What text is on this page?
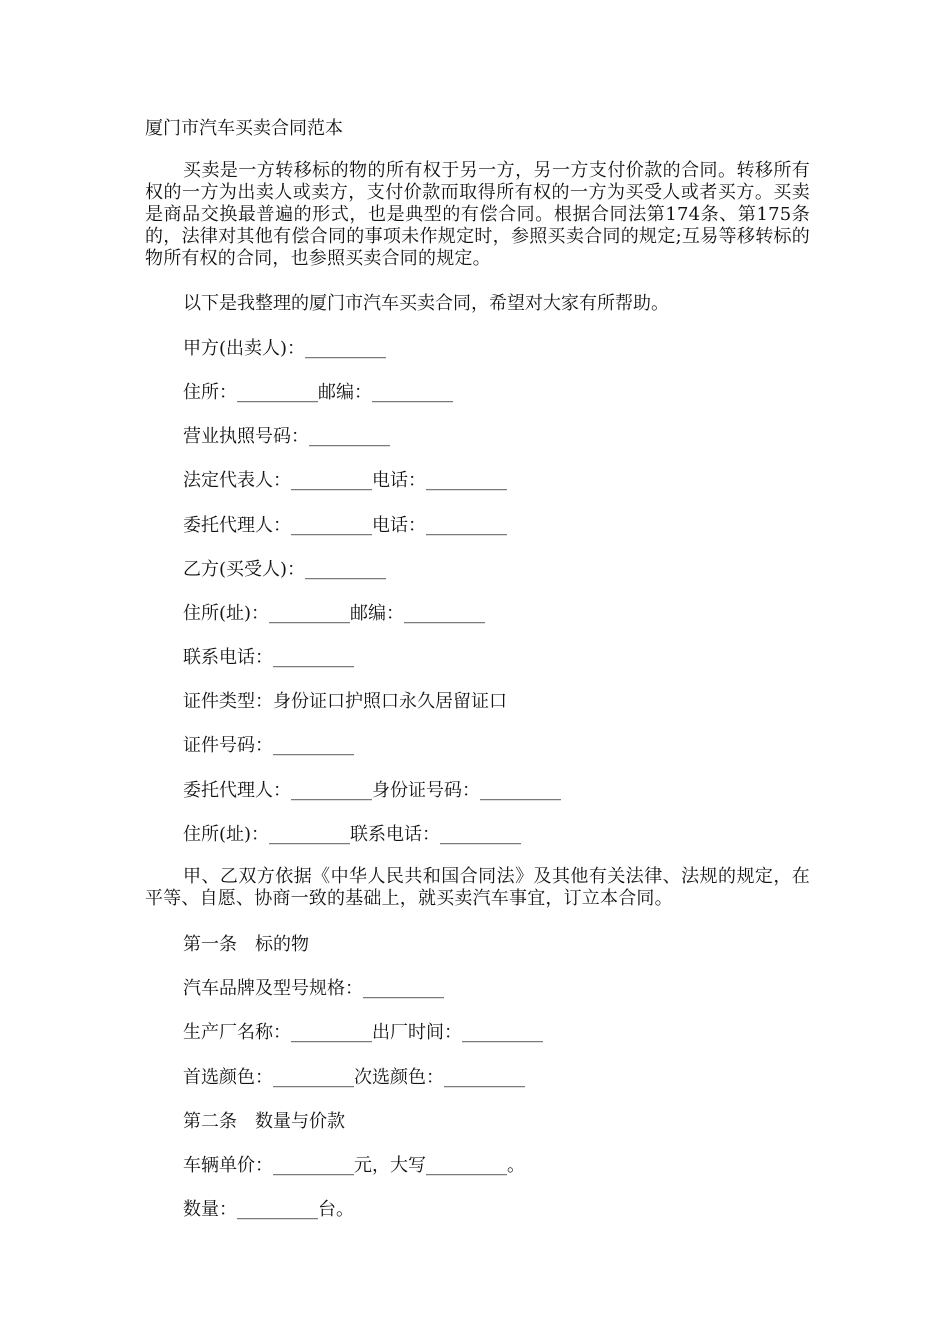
厦门市汽车买卖合同范本
买卖是一方转移标的物的所有权于另一方，另一方支付价款的合同。转移所有权的一方为出卖人或卖方，支付价款而取得所有权的一方为买受人或者买方。买卖是商品交换最普遍的形式，也是典型的有偿合同。根据合同法第174条、第175条的，法律对其他有偿合同的事项未作规定时，参照买卖合同的规定;互易等移转标的物所有权的合同，也参照买卖合同的规定。
以下是我整理的厦门市汽车买卖合同，希望对大家有所帮助。
甲方(出卖人)：_________
住所：_________邮编：_________
营业执照号码：_________
法定代表人：_________电话：_________
委托代理人：_________电话：_________
乙方(买受人)：_________
住所(址)：_________邮编：_________
联系电话：_________
证件类型：身份证口护照口永久居留证口
证件号码：_________
委托代理人：_________身份证号码：_________
住所(址)：_________联系电话：_________
甲、乙双方依据《中华人民共和国合同法》及其他有关法律、法规的规定，在平等、自愿、协商一致的基础上，就买卖汽车事宜，订立本合同。
第一条　标的物
汽车品牌及型号规格：_________
生产厂名称：_________出厂时间：_________
首选颜色：_________次选颜色：_________
第二条　数量与价款
车辆单价：_________元，大写_________。
数量：_________台。
